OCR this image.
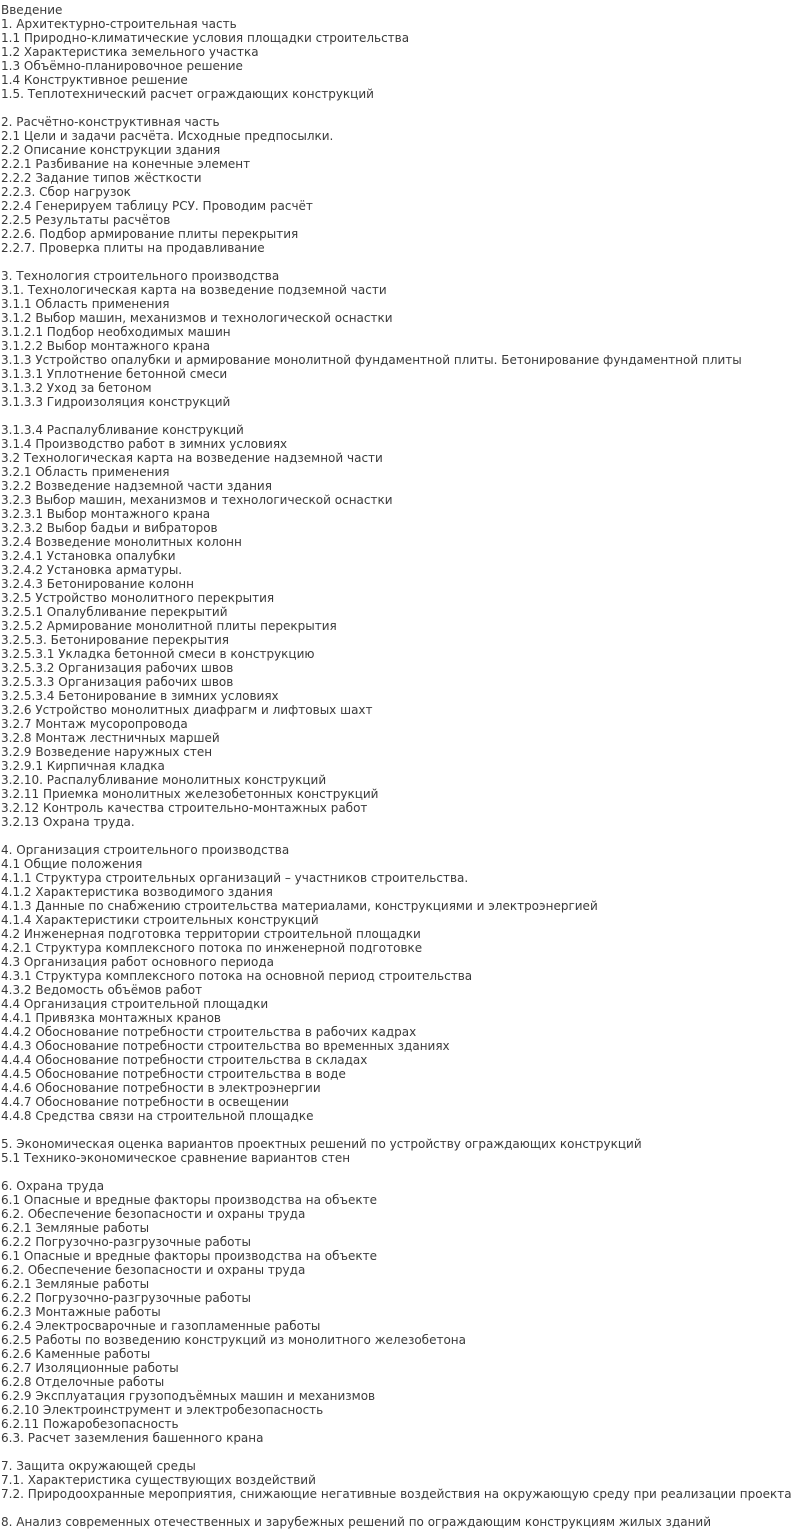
Введение
1. Архитектурно-строительная часть
1.1 Природно-климатические условия площадки строительства
1.2 Характеристика земельного участка
1.3 Объёмно-планировочное решение
1.4 Конструктивное решение
1.5. Теплотехнический расчет ограждающих конструкций
2. Расчётно-конструктивная часть
2.1 Цели и задачи расчёта. Исходные предпосылки.
2.2 Описание конструкции здания
2.2.1 Разбивание на конечные элемент
2.2.2 Задание типов жёсткости
2.2.3. Сбор нагрузок
2.2.4 Генерируем таблицу РСУ. Проводим расчёт
2.2.5 Результаты расчётов
2.2.6. Подбор армирование плиты перекрытия
2.2.7. Проверка плиты на продавливание
3. Технология строительного производства
3.1. Технологическая карта на возведение подземной части
3.1.1 Область применения
3.1.2 Выбор машин, механизмов и технологической оснастки
3.1.2.1 Подбор необходимых машин
3.1.2.2 Выбор монтажного крана
3.1.3 Устройство опалубки и армирование монолитной фундаментной плиты. Бетонирование фундаментной плиты
3.1.3.1 Уплотнение бетонной смеси
3.1.3.2 Уход за бетоном
3.1.3.3 Гидроизоляция конструкций
3.1.3.4 Распалубливание конструкций
3.1.4 Производство работ в зимних условиях
3.2 Технологическая карта на возведение надземной части
3.2.1 Область применения
3.2.2 Возведение надземной части здания
3.2.3 Выбор машин, механизмов и технологической оснастки
3.2.3.1 Выбор монтажного крана
3.2.3.2 Выбор бадьи и вибраторов
3.2.4 Возведение монолитных колонн
3.2.4.1 Установка опалубки
3.2.4.2 Установка арматуры.
3.2.4.3 Бетонирование колонн
3.2.5 Устройство монолитного перекрытия
3.2.5.1 Опалубливание перекрытий
3.2.5.2 Армирование монолитной плиты перекрытия
3.2.5.3. Бетонирование перекрытия
3.2.5.3.1 Укладка бетонной смеси в конструкцию
3.2.5.3.2 Организация рабочих швов
3.2.5.3.3 Организация рабочих швов
3.2.5.3.4 Бетонирование в зимних условиях
3.2.6 Устройство монолитных диафрагм и лифтовых шахт
3.2.7 Монтаж мусоропровода
3.2.8 Монтаж лестничных маршей
3.2.9 Возведение наружных стен
3.2.9.1 Кирпичная кладка
3.2.10. Распалубливание монолитных конструкций
3.2.11 Приемка монолитных железобетонных конструкций
3.2.12 Контроль качества строительно-монтажных работ
3.2.13 Охрана труда.
4. Организация строительного производства
4.1 Общие положения
4.1.1 Структура строительных организаций – участников строительства.
4.1.2 Характеристика возводимого здания
4.1.3 Данные по снабжению строительства материалами, конструкциями и электроэнергией
4.1.4 Характеристики строительных конструкций
4.2 Инженерная подготовка территории строительной площадки
4.2.1 Структура комплексного потока по инженерной подготовке
4.3 Организация работ основного периода
4.3.1 Структура комплексного потока на основной период строительства
4.3.2 Ведомость объёмов работ
4.4 Организация строительной площадки
4.4.1 Привязка монтажных кранов
4.4.2 Обоснование потребности строительства в рабочих кадрах
4.4.3 Обоснование потребности строительства во временных зданиях
4.4.4 Обоснование потребности строительства в складах
4.4.5 Обоснование потребности строительства в воде
4.4.6 Обоснование потребности в электроэнергии
4.4.7 Обоснование потребности в освещении
4.4.8 Средства связи на строительной площадке
5. Экономическая оценка вариантов проектных решений по устройству ограждающих конструкций
5.1 Технико-экономическое сравнение вариантов стен
6. Охрана труда
6.1 Опасные и вредные факторы производства на объекте
6.2. Обеспечение безопасности и охраны труда
6.2.1 Земляные работы
6.2.2 Погрузочно-разгрузочные работы
6.1 Опасные и вредные факторы производства на объекте
6.2. Обеспечение безопасности и охраны труда
6.2.1 Земляные работы
6.2.2 Погрузочно-разгрузочные работы
6.2.3 Монтажные работы
6.2.4 Электросварочные и газопламенные работы
6.2.5 Работы по возведению конструкций из монолитного железобетона
6.2.6 Каменные работы
6.2.7 Изоляционные работы
6.2.8 Отделочные работы
6.2.9 Эксплуатация грузоподъёмных машин и механизмов
6.2.10 Электроинструмент и электробезопасность
6.2.11 Пожаробезопасность
6.3. Расчет заземления башенного крана
7. Защита окружающей среды
7.1. Характеристика существующих воздействий
7.2. Природоохранные мероприятия, снижающие негативные воздействия на окружающую среду при реализации проекта
8. Анализ современных отечественных и зарубежных решений по ограждающим конструкциям жилых зданий
